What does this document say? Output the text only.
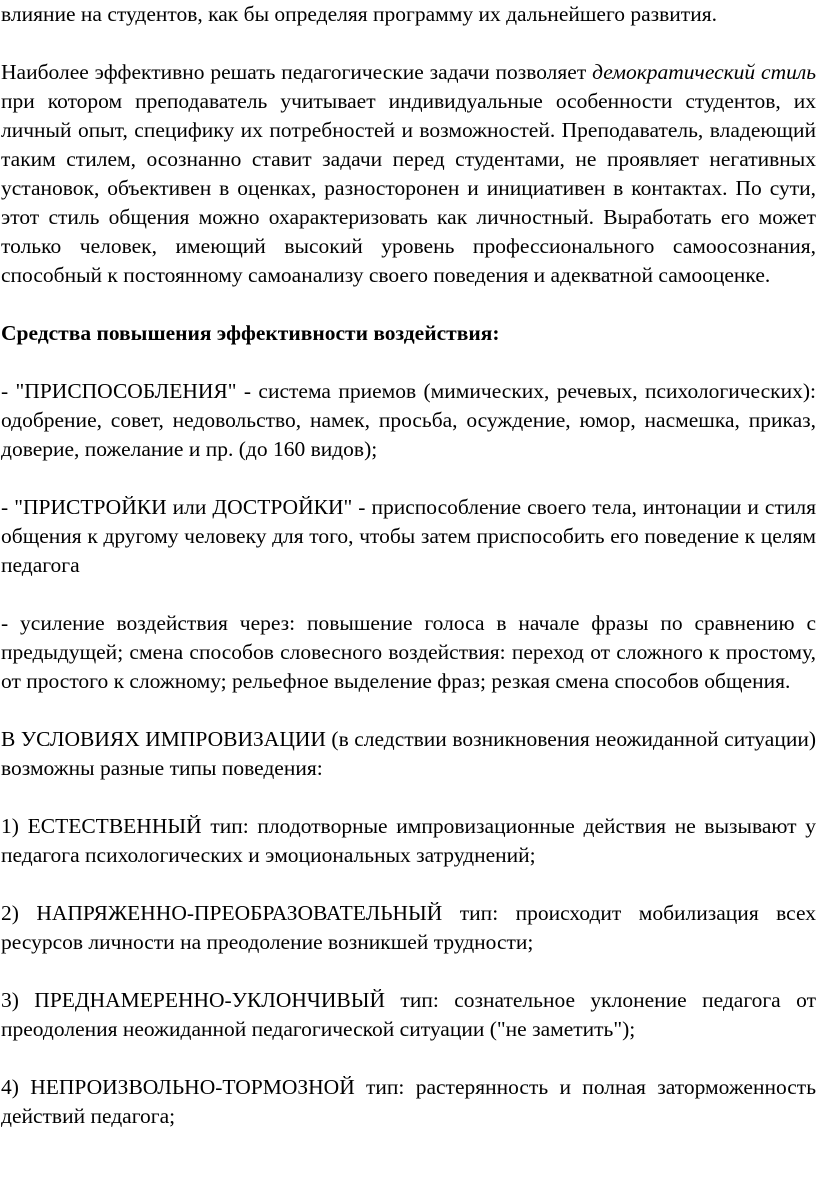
влияние на студентов, как бы определяя программу их дальнейшего развития.

Наиболее эффективно решать педагогические задачи позволяет демократический стиль при котором преподаватель учитывает индивидуальные особенности студентов, их личный опыт, специфику их потребностей и возможностей. Преподаватель, владеющий таким стилем, осознанно ставит задачи перед студентами, не проявляет негативных установок, объективен в оценках, разносторонен и инициативен в контактах. По сути, этот стиль общения можно охарактеризовать как личностный. Выработать его может только человек, имеющий высокий уровень профессионального самоосознания, способный к постоянному самоанализу своего поведения и адекватной самооценке.

Средства повышения эффективности воздействия:

- "ПРИСПОСОБЛЕНИЯ" - система приемов (мимических, речевых, психологических): одобрение, совет, недовольство, намек, просьба, осуждение, юмор, насмешка, приказ, доверие, пожелание и пр. (до 160 видов);

- "ПРИСТРОЙКИ или ДОСТРОЙКИ" - приспособление своего тела, интонации и стиля общения к другому человеку для того, чтобы затем приспособить его поведение к целям педагога

- усиление воздействия через: повышение голоса в начале фразы по сравнению с предыдущей; смена способов словесного воздействия: переход от сложного к простому, от простого к сложному; рельефное выделение фраз; резкая смена способов общения.

В УСЛОВИЯХ ИМПРОВИЗАЦИИ (в следствии возникновения неожиданной ситуации) возможны разные типы поведения:

1) ЕСТЕСТВЕННЫЙ тип: плодотворные импровизационные действия не вызывают у педагога психологических и эмоциональных затруднений;

2) НАПРЯЖЕННО-ПРЕОБРАЗОВАТЕЛЬНЫЙ тип: происходит мобилизация всех ресурсов личности на преодоление возникшей трудности;

3) ПРЕДНАМЕРЕННО-УКЛОНЧИВЫЙ тип: сознательное уклонение педагога от преодоления неожиданной педагогической ситуации ("не заметить");

4) НЕПРОИЗВОЛЬНО-ТОРМОЗНОЙ тип: растерянность и полная заторможенность действий педагога;
